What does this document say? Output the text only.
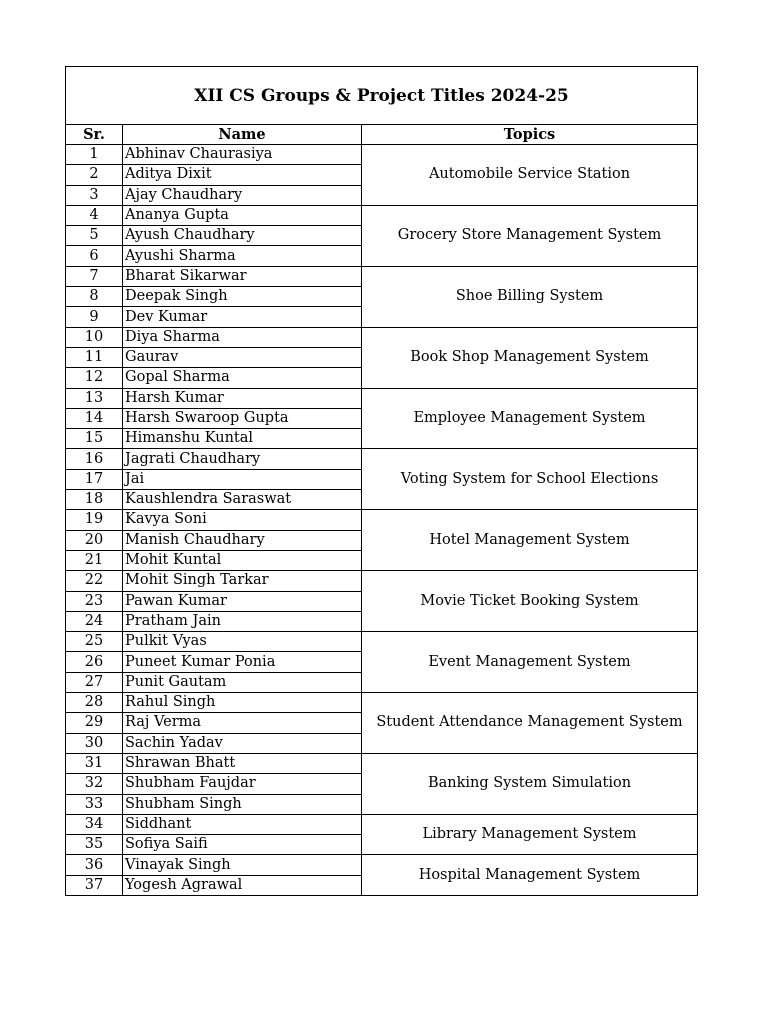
XII CS Groups & Project Titles 2024-25		
Sr.	Name	Topics
1	Abhinav Chaurasiya	Automobile Service Station
2	Aditya Dixit	
3	Ajay Chaudhary	
4	Ananya Gupta	Grocery Store Management System
5	Ayush Chaudhary	
6	Ayushi Sharma	
7	Bharat Sikarwar	Shoe Billing System
8	Deepak Singh	
9	Dev Kumar	
10	Diya Sharma	Book Shop Management System
11	Gaurav	
12	Gopal Sharma	
13	Harsh Kumar	Employee Management System
14	Harsh Swaroop Gupta	
15	Himanshu Kuntal	
16	Jagrati Chaudhary	Voting System for School Elections
17	Jai	
18	Kaushlendra Saraswat	
19	Kavya Soni	Hotel Management System
20	Manish Chaudhary	
21	Mohit Kuntal	
22	Mohit Singh Tarkar	Movie Ticket Booking System
23	Pawan Kumar	
24	Pratham Jain	
25	Pulkit Vyas	Event Management System
26	Puneet Kumar Ponia	
27	Punit Gautam	
28	Rahul Singh	Student Attendance Management System
29	Raj Verma	
30	Sachin Yadav	
31	Shrawan Bhatt	Banking System Simulation
32	Shubham Faujdar	
33	Shubham Singh	
34	Siddhant	Library Management System
35	Sofiya Saifi	
36	Vinayak Singh	Hospital Management System
37	Yogesh Agrawal	
